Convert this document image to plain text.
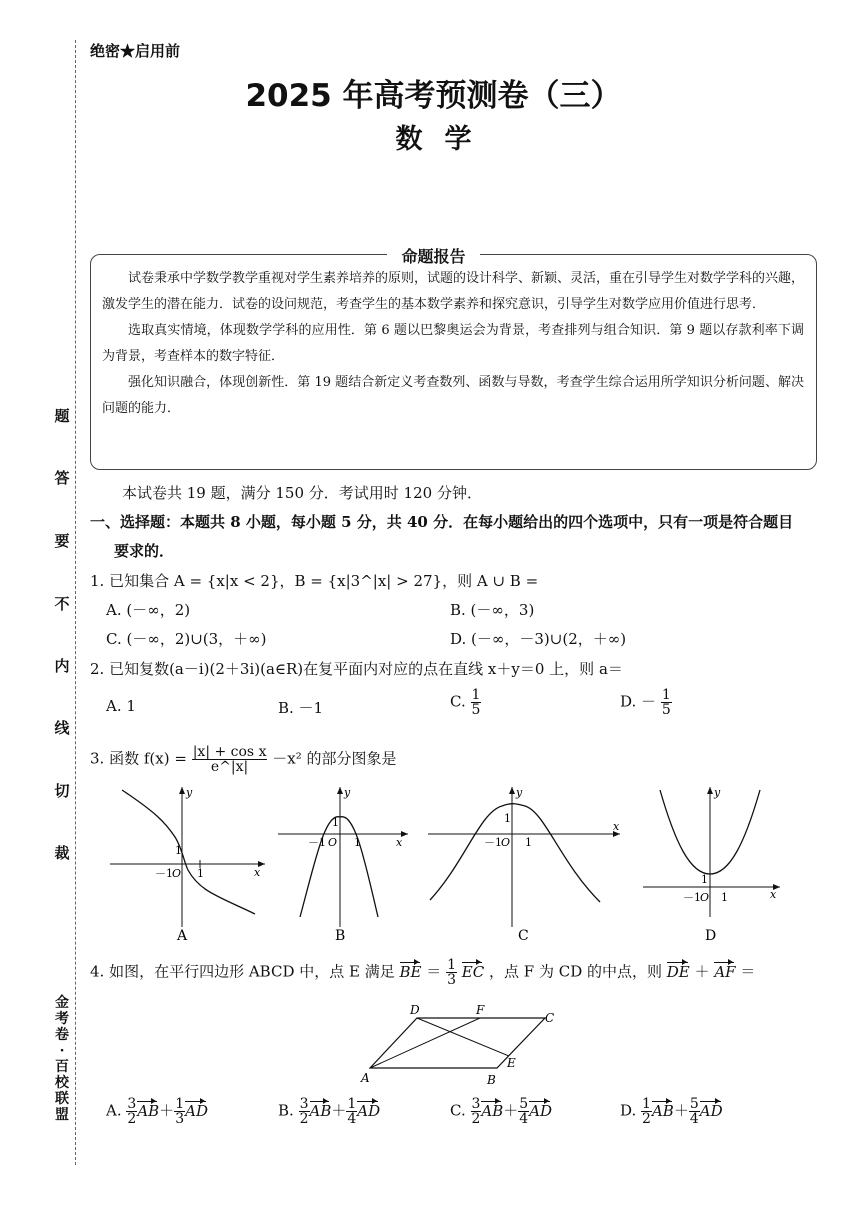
题
答
要
不
内
线
切
裁
金
考
卷
·
百
校
联
盟
绝密★启用前
2025 年高考预测卷（三）
数学
命题报告

试卷秉承中学数学教学重视对学生素养培养的原则，试题的设计科学、新颖、灵活，重在引导学生对数学学科的兴趣，激发学生的潜在能力．试卷的设问规范，考查学生的基本数学素养和探究意识，引导学生对数学应用价值进行思考．

选取真实情境，体现数学学科的应用性．第 6 题以巴黎奥运会为背景，考查排列与组合知识．第 9 题以存款利率下调为背景，考查样本的数字特征．

强化知识融合，体现创新性．第 19 题结合新定义考查数列、函数与导数，考查学生综合运用所学知识分析问题、解决问题的能力．

本试卷共 19 题，满分 150 分．考试用时 120 分钟．
一、选择题：本题共 8 小题，每小题 5 分，共 40 分．在每小题给出的四个选项中，只有一项是符合题目
要求的．
1. 已知集合 A = {x|x < 2}，B = {x|3^|x| > 27}，则 A ∪ B =
A. (－∞，2)	B. (－∞，3)
C. (－∞，2)∪(3，＋∞)	D. (－∞，－3)∪(2，＋∞)
2. 已知复数(a－i)(2＋3i)(a∈R)在复平面内对应的点在直线 x＋y＝0 上，则 a＝
A. 1	B. －1	C. $\frac{1}{5}$	D. － $\frac{1}{5}$
3. 函数 $f(x) = \frac{\text{|x| + cos x}}{e\^{}|x|} -x^2$ 的部分图象是
x
y
1
－1 O 1
A
x
y
1
－1 O 1
B
x
y
1
－1 O 1
C
x
y
1
－1 O 1
D
4. 如图，在平行四边形 ABCD 中，点 E 满足 BE ＝ $\frac{1}{3}$ EC ，点 F 为 CD 的中点，则 DE ＋ AF ＝
A	B
C
D
E
F
A. $\frac{3}{2} AB+ \frac{1}{3}$ AD	B. $\frac{3}{2} AB+ \frac{1}{4}$ AD	C. $\frac{3}{2} AB+ \frac{5}{4}$ AD	D. $\frac{1}{2} AB+ \frac{5}{4}$ AD
